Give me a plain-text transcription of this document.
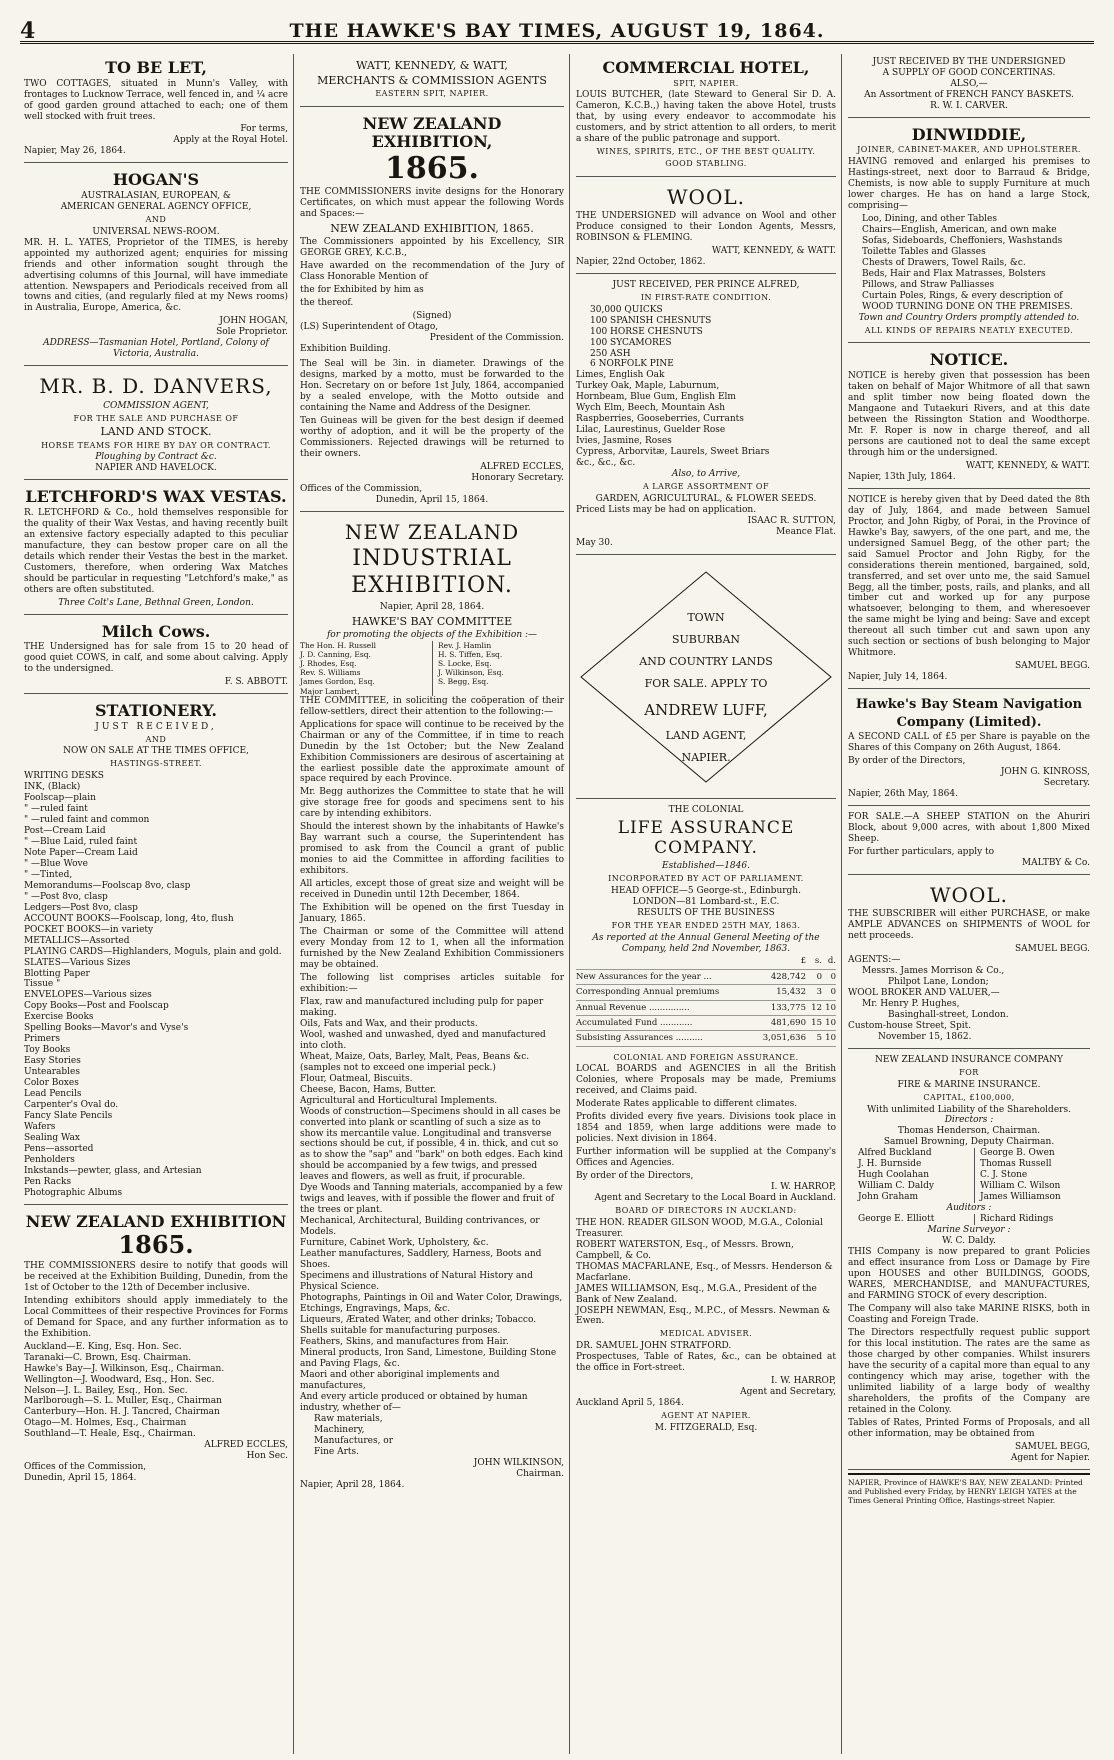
4	THE HAWKE'S BAY TIMES, AUGUST 19, 1864.
TO BE LET,

TWO COTTAGES, situated in Munn's Valley, with frontages to Lucknow Terrace, well fenced in, and ¼ acre of good garden ground attached to each; one of them well stocked with fruit trees.

For terms,
Apply at the Royal Hotel.
Napier, May 26, 1864.
HOGAN'S
AUSTRALASIAN, EUROPEAN, &
AMERICAN GENERAL AGENCY OFFICE,
AND
UNIVERSAL NEWS-ROOM.

MR. H. L. YATES, Proprietor of the TIMES, is hereby appointed my authorized agent; enquiries for missing friends and other information sought through the advertising columns of this Journal, will have immediate attention. Newspapers and Periodicals received from all towns and cities, (and regularly filed at my News rooms) in Australia, Europe, America, &c.

JOHN HOGAN,
Sole Proprietor.
ADDRESS—Tasmanian Hotel, Portland, Colony of Victoria, Australia.
MR. B. D. DANVERS,
COMMISSION AGENT,
FOR THE SALE AND PURCHASE OF
LAND AND STOCK.
HORSE TEAMS FOR HIRE BY DAY OR CONTRACT.
Ploughing by Contract &c.
NAPIER AND HAVELOCK.
LETCHFORD'S WAX VESTAS.

R. LETCHFORD & Co., hold themselves responsible for the quality of their Wax Vestas, and having recently built an extensive factory especially adapted to this peculiar manufacture, they can bestow proper care on all the details which render their Vestas the best in the market. Customers, therefore, when ordering Wax Matches should be particular in requesting "Letchford's make," as others are often substituted.

Three Colt's Lane, Bethnal Green, London.
Milch Cows.

THE Undersigned has for sale from 15 to 20 head of good quiet COWS, in calf, and some about calving. Apply to the undersigned.

F. S. ABBOTT.
STATIONERY.
JUST RECEIVED,
AND
NOW ON SALE AT THE TIMES OFFICE,
HASTINGS-STREET.
WRITING DESKS
INK, (Black)
Foolscap—plain
" —ruled faint
" —ruled faint and common
Post—Cream Laid
" —Blue Laid, ruled faint
Note Paper—Cream Laid
" —Blue Wove
" —Tinted,
Memorandums—Foolscap 8vo, clasp
" —Post 8vo, clasp
Ledgers—Post 8vo, clasp
ACCOUNT BOOKS—Foolscap, long, 4to, flush
POCKET BOOKS—in variety
METALLICS—Assorted
PLAYING CARDS—Highlanders, Moguls, plain and gold.
SLATES—Various Sizes
Blotting Paper
Tissue "
ENVELOPES—Various sizes
Copy Books—Post and Foolscap
Exercise Books
Spelling Books—Mavor's and Vyse's
Primers
Toy Books
Easy Stories
Untearables
Color Boxes
Lead Pencils
Carpenter's Oval do.
Fancy Slate Pencils
Wafers
Sealing Wax
Pens—assorted
Penholders
Inkstands—pewter, glass, and Artesian
Pen Racks
Photographic Albums
NEW ZEALAND EXHIBITION
1865.

THE COMMISSIONERS desire to notify that goods will be received at the Exhibition Building, Dunedin, from the 1st of October to the 12th of December inclusive.

Intending exhibitors should apply immediately to the Local Committees of their respective Provinces for Forms of Demand for Space, and any further information as to the Exhibition.

Auckland—E. King, Esq. Hon. Sec.
Taranaki—C. Brown, Esq. Chairman.
Hawke's Bay—J. Wilkinson, Esq., Chairman.
Wellington—J. Woodward, Esq., Hon. Sec.
Nelson—J. L. Bailey, Esq., Hon. Sec.
Marlborough—S. L. Muller, Esq., Chairman
Canterbury—Hon. H. J. Tancred, Chairman
Otago—M. Holmes, Esq., Chairman
Southland—T. Heale, Esq., Chairman.
ALFRED ECCLES,
Hon Sec.
Offices of the Commission,
Dunedin, April 15, 1864.
WATT, KENNEDY, & WATT,
MERCHANTS & COMMISSION AGENTS
EASTERN SPIT, NAPIER.
NEW ZEALAND EXHIBITION,
1865.

THE COMMISSIONERS invite designs for the Honorary Certificates, on which must appear the following Words and Spaces:—

NEW ZEALAND EXHIBITION, 1865.

The Commissioners appointed by his Excellency, SIR GEORGE GREY, K.C.B.,

Have awarded on the recommendation of the Jury of Class Honorable Mention of

the for Exhibited by him as

the thereof.

(Signed)
(LS) Superintendent of Otago,
President of the Commission.
Exhibition Building.

The Seal will be 3in. in diameter. Drawings of the designs, marked by a motto, must be forwarded to the Hon. Secretary on or before 1st July, 1864, accompanied by a sealed envelope, with the Motto outside and containing the Name and Address of the Designer.

Ten Guineas will be given for the best design if deemed worthy of adoption, and it will be the property of the Commissioners. Rejected drawings will be returned to their owners.

ALFRED ECCLES,
Honorary Secretary.
Offices of the Commission,
Dunedin, April 15, 1864.
NEW ZEALAND
INDUSTRIAL EXHIBITION.
Napier, April 28, 1864.
HAWKE'S BAY COMMITTEE
for promoting the objects of the Exhibition :—
The Hon. H. Russell
J. D. Canning, Esq.
J. Rhodes, Esq.
Rev. S. Williams
James Gordon, Esq.
Major Lambert,
Rev. J. Hamlin
H. S. Tiffen, Esq.
S. Locke, Esq.
J. Wilkinson, Esq.
S. Begg, Esq.

THE COMMITTEE, in soliciting the coöperation of their fellow-settlers, direct their attention to the following:—

Applications for space will continue to be received by the Chairman or any of the Committee, if in time to reach Dunedin by the 1st October; but the New Zealand Exhibition Commissioners are desirous of ascertaining at the earliest possible date the approximate amount of space required by each Province.

Mr. Begg authorizes the Committee to state that he will give storage free for goods and specimens sent to his care by intending exhibitors.

Should the interest shown by the inhabitants of Hawke's Bay warrant such a course, the Superintendent has promised to ask from the Council a grant of public monies to aid the Committee in affording facilities to exhibitors.

All articles, except those of great size and weight will be received in Dunedin until 12th December, 1864.

The Exhibition will be opened on the first Tuesday in January, 1865.

The Chairman or some of the Committee will attend every Monday from 12 to 1, when all the information furnished by the New Zealand Exhibition Commissioners may be obtained.

The following list comprises articles suitable for exhibition:—

Flax, raw and manufactured including pulp for paper making.
Oils, Fats and Wax, and their products.
Wool, washed and unwashed, dyed and manufactured into cloth.
Wheat, Maize, Oats, Barley, Malt, Peas, Beans &c. (samples not to exceed one imperial peck.)
Flour, Oatmeal, Biscuits.
Cheese, Bacon, Hams, Butter.
Agricultural and Horticultural Implements.
Woods of construction—Specimens should in all cases be converted into plank or scantling of such a size as to show its mercantile value. Longitudinal and transverse sections should be cut, if possible, 4 in. thick, and cut so as to show the "sap" and "bark" on both edges. Each kind should be accompanied by a few twigs, and pressed leaves and flowers, as well as fruit, if procurable.
Dye Woods and Tanning materials, accompanied by a few twigs and leaves, with if possible the flower and fruit of the trees or plant.
Mechanical, Architectural, Building contrivances, or Models.
Furniture, Cabinet Work, Upholstery, &c.
Leather manufactures, Saddlery, Harness, Boots and Shoes.
Specimens and illustrations of Natural History and Physical Science.
Photographs, Paintings in Oil and Water Color, Drawings, Etchings, Engravings, Maps, &c.
Liqueurs, Ærated Water, and other drinks; Tobacco.
Shells suitable for manufacturing purposes.
Feathers, Skins, and manufactures from Hair.
Mineral products, Iron Sand, Limestone, Building Stone and Paving Flags, &c.
Maori and other aboriginal implements and manufactures,
And every article produced or obtained by human industry, whether of—
Raw materials,
Machinery,
Manufactures, or
Fine Arts.
JOHN WILKINSON,
Chairman.
Napier, April 28, 1864.
COMMERCIAL HOTEL,
SPIT, NAPIER.

LOUIS BUTCHER, (late Steward to General Sir D. A. Cameron, K.C.B.,) having taken the above Hotel, trusts that, by using every endeavor to accommodate his customers, and by strict attention to all orders, to merit a share of the public patronage and support.

WINES, SPIRITS, ETC., OF THE BEST QUALITY.
GOOD STABLING.
WOOL.

THE UNDERSIGNED will advance on Wool and other Produce consigned to their London Agents, Messrs, ROBINSON & FLEMING.

WATT, KENNEDY, & WATT.
Napier, 22nd October, 1862.
JUST RECEIVED, PER PRINCE ALFRED,
IN FIRST-RATE CONDITION.
30,000 QUICKS
100 SPANISH CHESNUTS
100 HORSE CHESNUTS
100 SYCAMORES
250 ASH
6 NORFOLK PINE
Limes, English Oak
Turkey Oak, Maple, Laburnum,
Hornbeam, Blue Gum, English Elm
Wych Elm, Beech, Mountain Ash
Raspberries, Gooseberries, Currants
Lilac, Laurestinus, Guelder Rose
Ivies, Jasmine, Roses
Cypress, Arborvitæ, Laurels, Sweet Briars
&c., &c., &c.
Also, to Arrive,
A LARGE ASSORTMENT OF
GARDEN, AGRICULTURAL, & FLOWER SEEDS.
Priced Lists may be had on application.
ISAAC R. SUTTON,
Meance Flat.
May 30.
TOWN
SUBURBAN
AND COUNTRY LANDS
FOR SALE. APPLY TO
ANDREW LUFF,
LAND AGENT,
NAPIER.
THE COLONIAL
LIFE ASSURANCE COMPANY.
Established—1846.
INCORPORATED BY ACT OF PARLIAMENT.
HEAD OFFICE—5 George-st., Edinburgh.
LONDON—81 Lombard-st., E.C.
RESULTS OF THE BUSINESS
FOR THE YEAR ENDED 25TH MAY, 1863.
As reported at the Annual General Meeting of the Company, held 2nd November, 1863.
	£	s.	d.
New Assurances for the year ...	428,742	0	0
Corresponding Annual premiums	15,432	3	0
Annual Revenue ...............	133,775	12	10
Accumulated Fund ............	481,690	15	10
Subsisting Assurances ..........	3,051,636	5	10
COLONIAL AND FOREIGN ASSURANCE.

LOCAL BOARDS and AGENCIES in all the British Colonies, where Proposals may be made, Premiums received, and Claims paid.

Moderate Rates applicable to different climates.

Profits divided every five years. Divisions took place in 1854 and 1859, when large additions were made to policies. Next division in 1864.

Further information will be supplied at the Company's Offices and Agencies.

By order of the Directors,
I. W. HARROP,
Agent and Secretary to the Local Board in Auckland.
BOARD OF DIRECTORS IN AUCKLAND:
THE HON. READER GILSON WOOD, M.G.A., Colonial Treasurer.
ROBERT WATERSTON, Esq., of Messrs. Brown, Campbell, & Co.
THOMAS MACFARLANE, Esq., of Messrs. Henderson & Macfarlane.
JAMES WILLIAMSON, Esq., M.G.A., President of the Bank of New Zealand.
JOSEPH NEWMAN, Esq., M.P.C., of Messrs. Newman & Ewen.
MEDICAL ADVISER.
DR. SAMUEL JOHN STRATFORD.

Prospectuses, Table of Rates, &c., can be obtained at the office in Fort-street.

I. W. HARROP,
Agent and Secretary,
Auckland April 5, 1864.
AGENT AT NAPIER.
M. FITZGERALD, Esq.
JUST RECEIVED BY THE UNDERSIGNED
A SUPPLY OF GOOD CONCERTINAS.
ALSO,—
An Assortment of FRENCH FANCY BASKETS.
R. W. I. CARVER.
DINWIDDIE,
JOINER, CABINET-MAKER, AND UPHOLSTERER.

HAVING removed and enlarged his premises to Hastings-street, next door to Barraud & Bridge, Chemists, is now able to supply Furniture at much lower charges. He has on hand a large Stock, comprising—

Loo, Dining, and other Tables
Chairs—English, American, and own make
Sofas, Sideboards, Cheffoniers, Washstands
Toilette Tables and Glasses
Chests of Drawers, Towel Rails, &c.
Beds, Hair and Flax Matrasses, Bolsters
Pillows, and Straw Palliasses
Curtain Poles, Rings, & every description of
WOOD TURNING DONE ON THE PREMISES.
Town and Country Orders promptly attended to.
ALL KINDS OF REPAIRS NEATLY EXECUTED.
NOTICE.

NOTICE is hereby given that possession has been taken on behalf of Major Whitmore of all that sawn and split timber now being floated down the Mangaone and Tutaekuri Rivers, and at this date between the Rissington Station and Woodthorpe. Mr. F. Roper is now in charge thereof, and all persons are cautioned not to deal the same except through him or the undersigned.

WATT, KENNEDY, & WATT.
Napier, 13th July, 1864.

NOTICE is hereby given that by Deed dated the 8th day of July, 1864, and made between Samuel Proctor, and John Rigby, of Porai, in the Province of Hawke's Bay, sawyers, of the one part, and me, the undersigned Samuel Begg, of the other part; the said Samuel Proctor and John Rigby, for the considerations therein mentioned, bargained, sold, transferred, and set over unto me, the said Samuel Begg, all the timber, posts, rails, and planks, and all timber cut and worked up for any purpose whatsoever, belonging to them, and wheresoever the same might be lying and being: Save and except thereout all such timber cut and sawn upon any such section or sections of bush belonging to Major Whitmore.

SAMUEL BEGG.
Napier, July 14, 1864.
Hawke's Bay Steam Navigation
Company (Limited).

A SECOND CALL of £5 per Share is payable on the Shares of this Company on 26th August, 1864.

By order of the Directors,
JOHN G. KINROSS,
Secretary.
Napier, 26th May, 1864.

FOR SALE.—A SHEEP STATION on the Ahuriri Block, about 9,000 acres, with about 1,800 Mixed Sheep.

For further particulars, apply to
MALTBY & Co.
WOOL.

THE SUBSCRIBER will either PURCHASE, or make AMPLE ADVANCES on SHIPMENTS of WOOL for nett proceeds.

SAMUEL BEGG.
AGENTS:—
Messrs. James Morrison & Co.,
Philpot Lane, London;
WOOL BROKER AND VALUER,—
Mr. Henry P. Hughes,
Basinghall-street, London.
Custom-house Street, Spit.
November 15, 1862.
NEW ZEALAND INSURANCE COMPANY
FOR
FIRE & MARINE INSURANCE.
CAPITAL, £100,000,
With unlimited Liability of the Shareholders.
Directors :
Thomas Henderson, Chairman.
Samuel Browning, Deputy Chairman.
Alfred Buckland
J. H. Burnside
Hugh Coolahan
William C. Daldy
John Graham
George B. Owen
Thomas Russell
C. J. Stone
William C. Wilson
James Williamson
Auditors :
George E. Elliott	Richard Ridings
Marine Surveyor :
W. C. Daldy.

THIS Company is now prepared to grant Policies and effect insurance from Loss or Damage by Fire upon HOUSES and other BUILDINGS, GOODS, WARES, MERCHANDISE, and MANUFACTURES, and FARMING STOCK of every description.

The Company will also take MARINE RISKS, both in Coasting and Foreign Trade.

The Directors respectfully request public support for this local institution. The rates are the same as those charged by other companies. Whilst insurers have the security of a capital more than equal to any contingency which may arise, together with the unlimited liability of a large body of wealthy shareholders, the profits of the Company are retained in the Colony.

Tables of Rates, Printed Forms of Proposals, and all other information, may be obtained from

SAMUEL BEGG,
Agent for Napier.
NAPIER, Province of HAWKE'S BAY, NEW ZEALAND: Printed and Published every Friday, by HENRY LEIGH YATES at the Times General Printing Office, Hastings-street Napier.
